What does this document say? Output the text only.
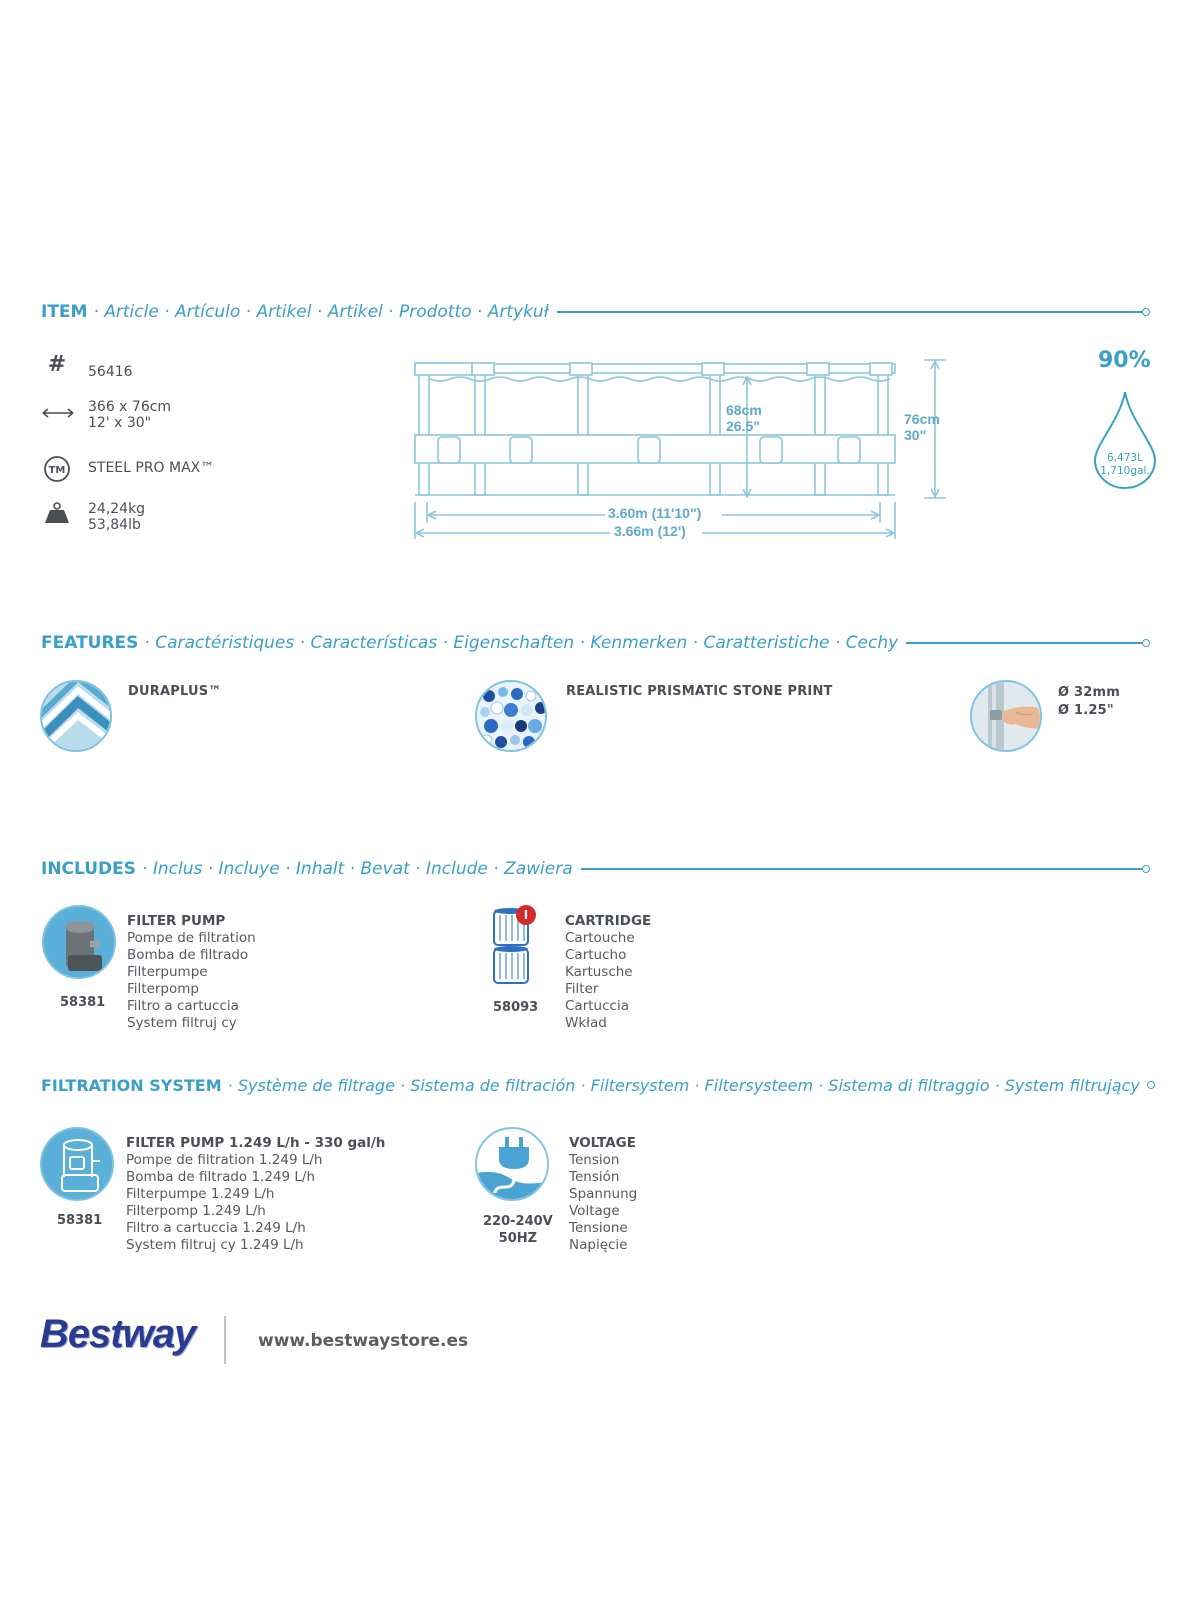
ITEM · Article · Artículo · Artikel · Artikel · Prodotto · Artykuł
#	56416
366 x 76cm
12' x 30"
TM STEEL PRO MAX™
24,24kg
53,84lb
68cm
26.5"	76cm
30"
3.60m (11'10")
3.66m (12')
90%
6,473L
1,710gal.
FEATURES · Caractéristiques · Características · Eigenschaften · Kenmerken · Caratteristiche · Cechy
DURAPLUS™	REALISTIC PRISMATIC STONE PRINT	Ø 32mm
Ø 1.25"
INCLUDES · Inclus · Incluye · Inhalt · Bevat · Include · Zawiera
58381
FILTER PUMP
Pompe de filtration
Bomba de filtrado
Filterpumpe
Filterpomp
Filtro a cartuccia
System filtruj cy
I
58093
CARTRIDGE
Cartouche
Cartucho
Kartusche
Filter
Cartuccia
Wkład
FILTRATION SYSTEM · Système de filtrage · Sistema de filtración · Filtersystem · Filtersysteem · Sistema di filtraggio · System filtrujący
58381
FILTER PUMP 1.249 L/h - 330 gal/h
Pompe de filtration 1.249 L/h
Bomba de filtrado 1.249 L/h
Filterpumpe 1.249 L/h
Filterpomp 1.249 L/h
Filtro a cartuccia 1.249 L/h
System filtruj cy 1.249 L/h
220-240V
50HZ
VOLTAGE
Tension
Tensión
Spannung
Voltage
Tensione
Napięcie
Bestway	www.bestwaystore.es
